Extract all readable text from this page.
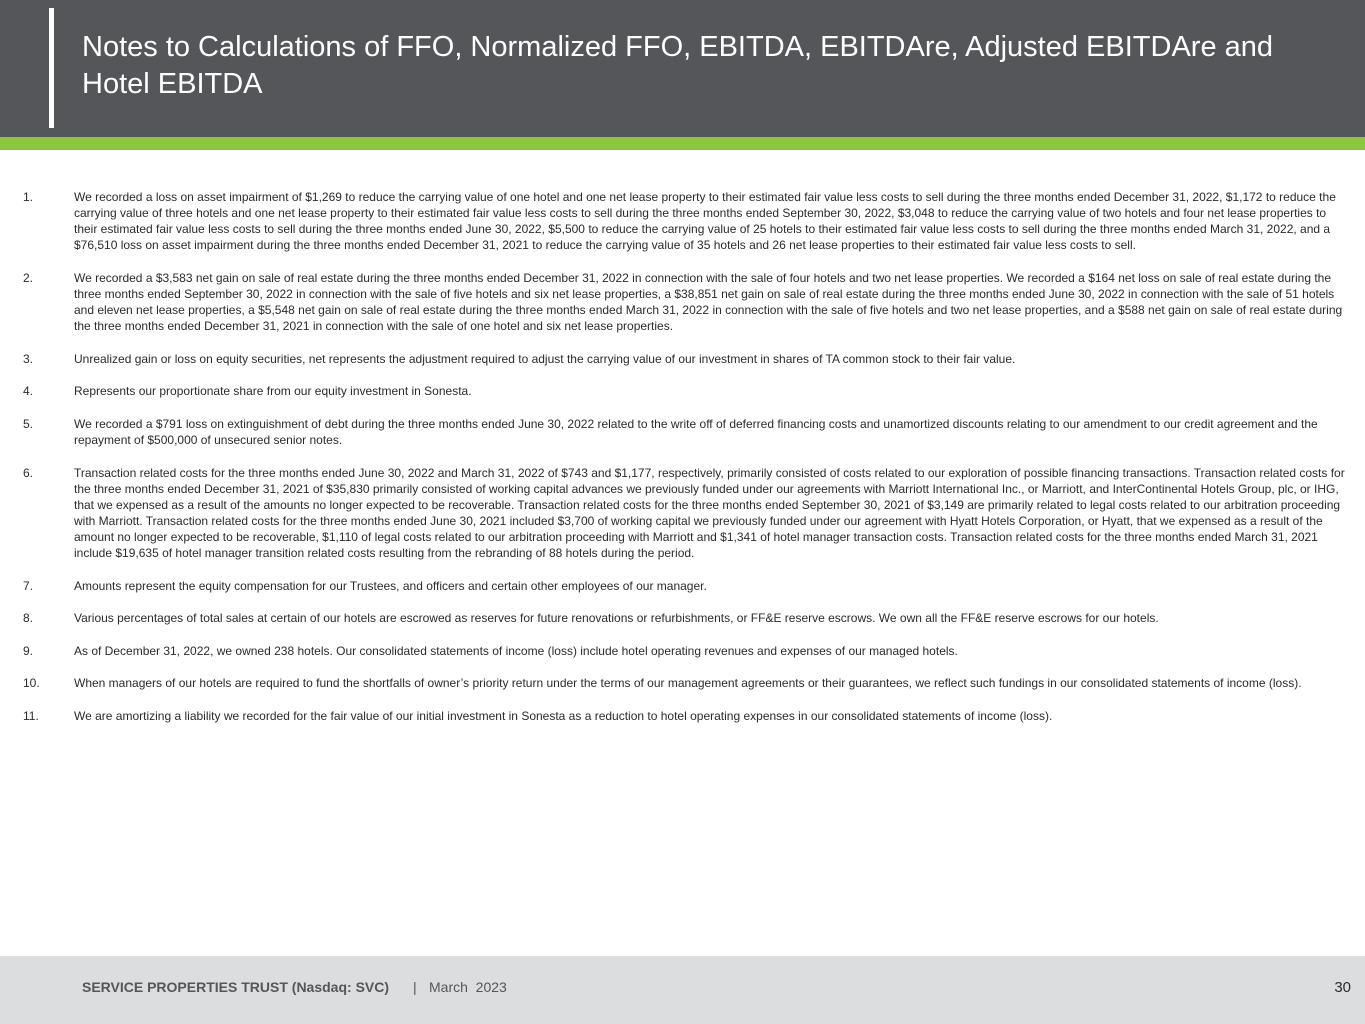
Notes to Calculations of FFO, Normalized FFO, EBITDA, EBITDAre, Adjusted EBITDAre and Hotel EBITDA
1.	We recorded a loss on asset impairment of $1,269 to reduce the carrying value of one hotel and one net lease property to their estimated fair value less costs to sell during the three months ended December 31, 2022, $1,172 to reduce the carrying value of three hotels and one net lease property to their estimated fair value less costs to sell during the three months ended September 30, 2022, $3,048 to reduce the carrying value of two hotels and four net lease properties to their estimated fair value less costs to sell during the three months ended June 30, 2022, $5,500 to reduce the carrying value of 25 hotels to their estimated fair value less costs to sell during the three months ended March 31, 2022, and a $76,510 loss on asset impairment during the three months ended December 31, 2021 to reduce the carrying value of 35 hotels and 26 net lease properties to their estimated fair value less costs to sell.

2.	We recorded a $3,583 net gain on sale of real estate during the three months ended December 31, 2022 in connection with the sale of four hotels and two net lease properties. We recorded a $164 net loss on sale of real estate during the three months ended September 30, 2022 in connection with the sale of five hotels and six net lease properties, a $38,851 net gain on sale of real estate during the three months ended June 30, 2022 in connection with the sale of 51 hotels and eleven net lease properties, a $5,548 net gain on sale of real estate during the three months ended March 31, 2022 in connection with the sale of five hotels and two net lease properties, and a $588 net gain on sale of real estate during the three months ended December 31, 2021 in connection with the sale of one hotel and six net lease properties.

3.	Unrealized gain or loss on equity securities, net represents the adjustment required to adjust the carrying value of our investment in shares of TA common stock to their fair value.

4.	Represents our proportionate share from our equity investment in Sonesta.

5.	We recorded a $791 loss on extinguishment of debt during the three months ended June 30, 2022 related to the write off of deferred financing costs and unamortized discounts relating to our amendment to our credit agreement and the repayment of $500,000 of unsecured senior notes.

6.	Transaction related costs for the three months ended June 30, 2022 and March 31, 2022 of $743 and $1,177, respectively, primarily consisted of costs related to our exploration of possible financing transactions. Transaction related costs for the three months ended December 31, 2021 of $35,830 primarily consisted of working capital advances we previously funded under our agreements with Marriott International Inc., or Marriott, and InterContinental Hotels Group, plc, or IHG, that we expensed as a result of the amounts no longer expected to be recoverable. Transaction related costs for the three months ended September 30, 2021 of $3,149 are primarily related to legal costs related to our arbitration proceeding with Marriott. Transaction related costs for the three months ended June 30, 2021 included $3,700 of working capital we previously funded under our agreement with Hyatt Hotels Corporation, or Hyatt, that we expensed as a result of the amount no longer expected to be recoverable, $1,110 of legal costs related to our arbitration proceeding with Marriott and $1,341 of hotel manager transaction costs. Transaction related costs for the three months ended March 31, 2021 include $19,635 of hotel manager transition related costs resulting from the rebranding of 88 hotels during the period.

7.	Amounts represent the equity compensation for our Trustees, and officers and certain other employees of our manager.

8.	Various percentages of total sales at certain of our hotels are escrowed as reserves for future renovations or refurbishments, or FF&E reserve escrows. We own all the FF&E reserve escrows for our hotels.

9.	As of December 31, 2022, we owned 238 hotels. Our consolidated statements of income (loss) include hotel operating revenues and expenses of our managed hotels.

10.	When managers of our hotels are required to fund the shortfalls of owner’s priority return under the terms of our management agreements or their guarantees, we reflect such fundings in our consolidated statements of income (loss).

11.	We are amortizing a liability we recorded for the fair value of our initial investment in Sonesta as a reduction to hotel operating expenses in our consolidated statements of income (loss).

SERVICE PROPERTIES TRUST (Nasdaq: SVC) | March  2023	30
